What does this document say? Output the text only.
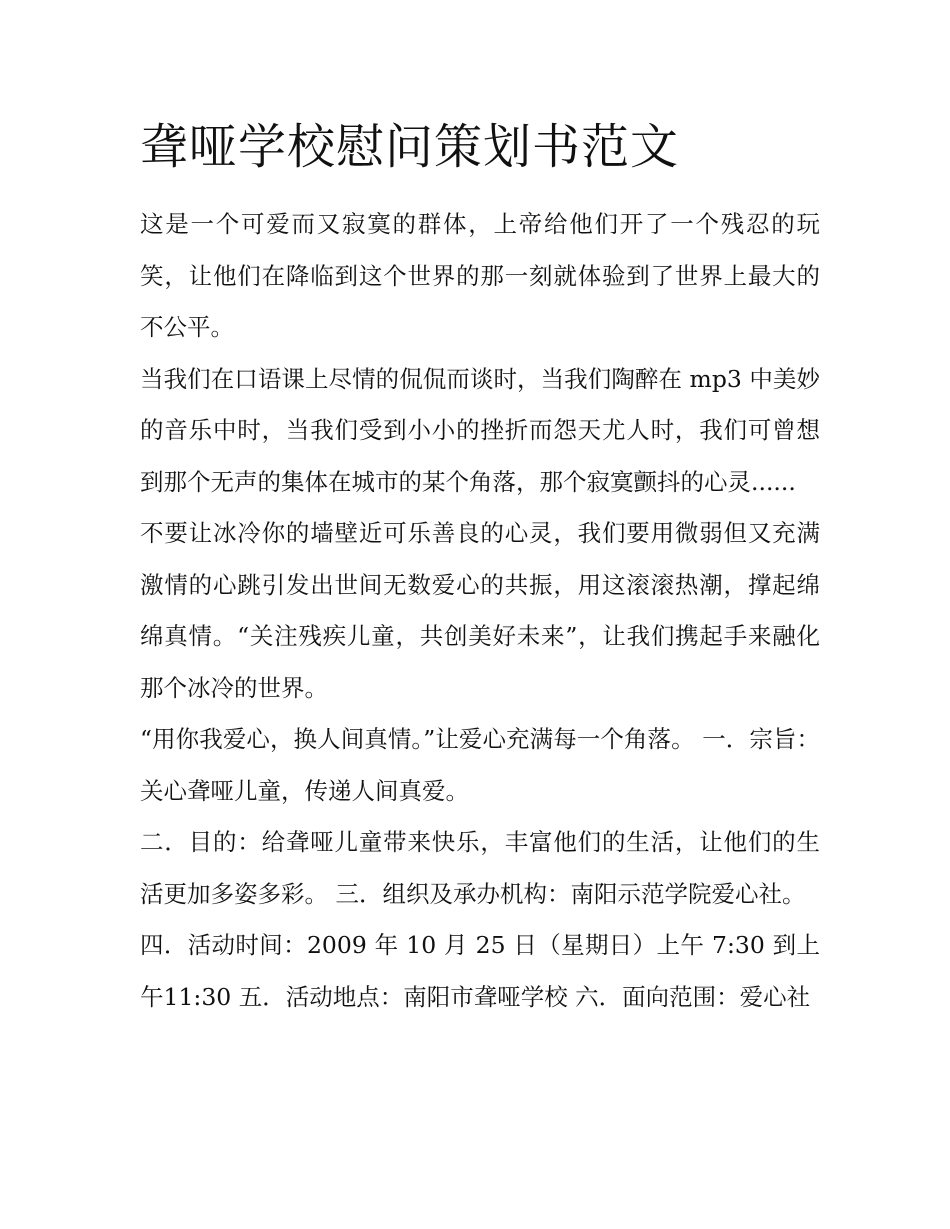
聋哑学校慰问策划书范文

这是一个可爱而又寂寞的群体，上帝给他们开了一个残忍的玩笑，让他们在降临到这个世界的那一刻就体验到了世界上最大的不公平。

当我们在口语课上尽情的侃侃而谈时，当我们陶醉在 mp3 中美妙的音乐中时，当我们受到小小的挫折而怨天尤人时，我们可曾想到那个无声的集体在城市的某个角落，那个寂寞颤抖的心灵......

不要让冰冷你的墙壁近可乐善良的心灵，我们要用微弱但又充满激情的心跳引发出世间无数爱心的共振，用这滚滚热潮，撑起绵绵真情。“关注残疾儿童，共创美好未来”，让我们携起手来融化那个冰冷的世界。

“用你我爱心，换人间真情。”让爱心充满每一个角落。 一．宗旨：关心聋哑儿童，传递人间真爱。

二．目的：给聋哑儿童带来快乐，丰富他们的生活，让他们的生活更加多姿多彩。 三．组织及承办机构：南阳示范学院爱心社。

四．活动时间：2009 年 10 月 25 日（星期日）上午 7:30 到上午11:30 五．活动地点：南阳市聋哑学校 六．面向范围：爱心社
